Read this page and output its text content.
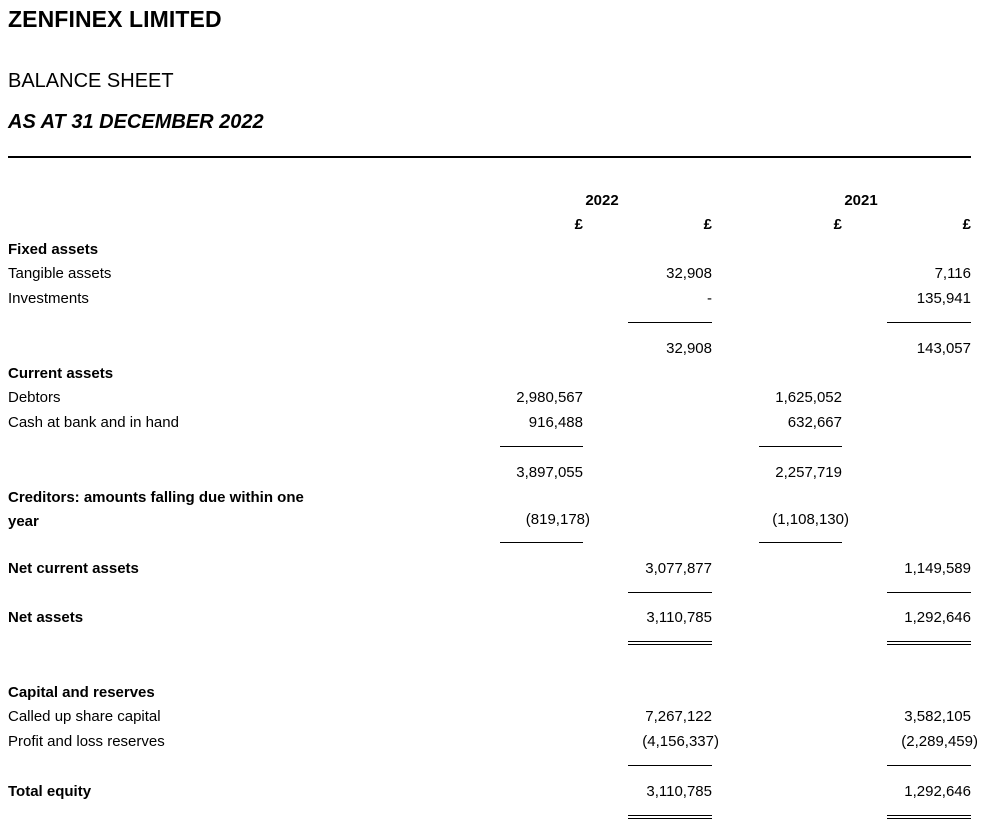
ZENFINEX LIMITED
BALANCE SHEET
AS AT 31 DECEMBER 2022
2022	2021
£	£	£	£
Fixed assets
Tangible assets	32,908	7,116
Investments	-	135,941
32,908	143,057
Current assets
Debtors	2,980,567	1,625,052
Cash at bank and in hand	916,488	632,667
3,897,055	2,257,719
Creditors: amounts falling due within one
year	(819,178)	(1,108,130)
Net current assets	3,077,877	1,149,589
Net assets	3,110,785	1,292,646
Capital and reserves
Called up share capital	7,267,122	3,582,105
Profit and loss reserves	(4,156,337)	(2,289,459)
Total equity	3,110,785	1,292,646
